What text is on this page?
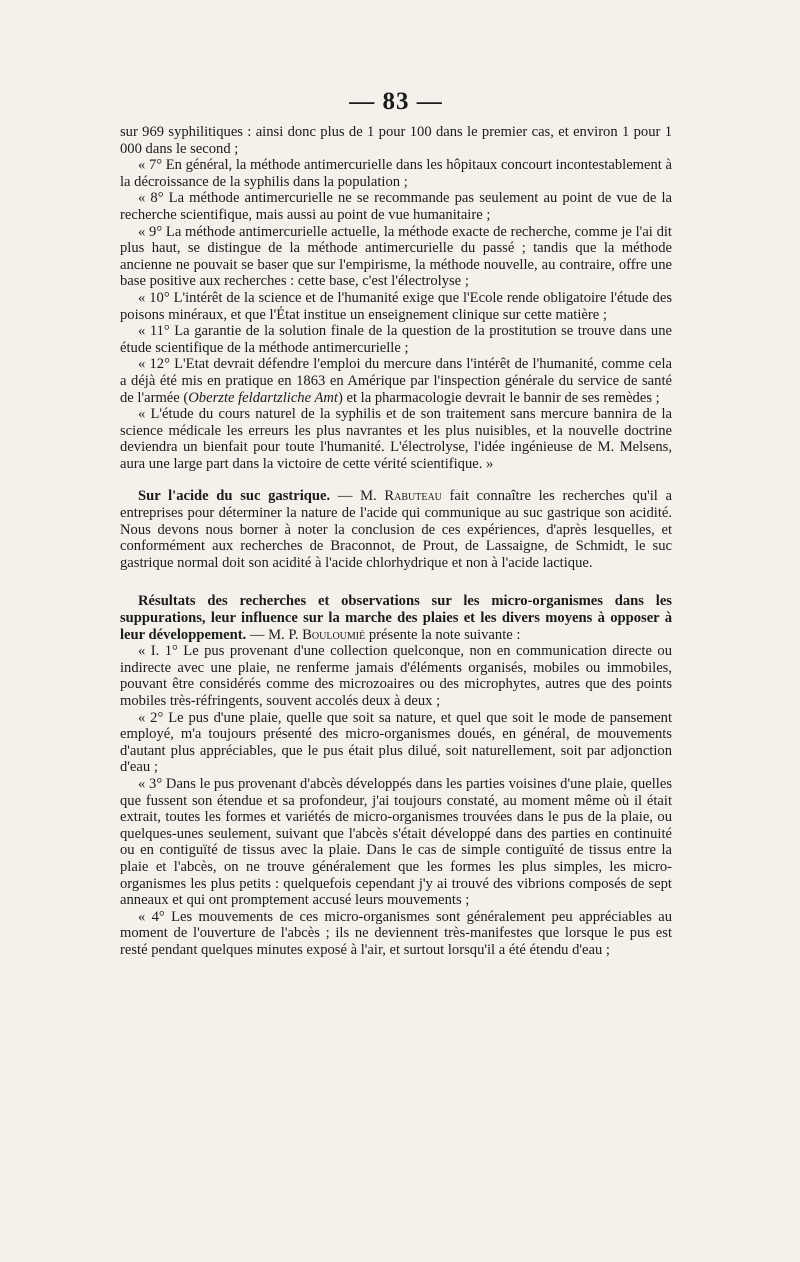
— 83 —

sur 969 syphilitiques : ainsi donc plus de 1 pour 100 dans le premier cas, et environ 1 pour 1 000 dans le second ;

« 7° En général, la méthode antimercurielle dans les hôpitaux concourt incontestablement à la décroissance de la syphilis dans la population ;

« 8° La méthode antimercurielle ne se recommande pas seulement au point de vue de la recherche scientifique, mais aussi au point de vue humanitaire ;

« 9° La méthode antimercurielle actuelle, la méthode exacte de recherche, comme je l'ai dit plus haut, se distingue de la méthode antimercurielle du passé ; tandis que la méthode ancienne ne pouvait se baser que sur l'empirisme, la méthode nouvelle, au contraire, offre une base positive aux recherches : cette base, c'est l'électrolyse ;

« 10° L'intérêt de la science et de l'humanité exige que l'Ecole rende obligatoire l'étude des poisons minéraux, et que l'État institue un enseignement clinique sur cette matière ;

« 11° La garantie de la solution finale de la question de la prostitution se trouve dans une étude scientifique de la méthode antimercurielle ;

« 12° L'Etat devrait défendre l'emploi du mercure dans l'intérêt de l'humanité, comme cela a déjà été mis en pratique en 1863 en Amérique par l'inspection générale du service de santé de l'armée (Oberzte feldartzliche Amt) et la pharmacologie devrait le bannir de ses remèdes ;

« L'étude du cours naturel de la syphilis et de son traitement sans mercure bannira de la science médicale les erreurs les plus navrantes et les plus nuisibles, et la nouvelle doctrine deviendra un bienfait pour toute l'humanité. L'électrolyse, l'idée ingénieuse de M. Melsens, aura une large part dans la victoire de cette vérité scientifique. »

Sur l'acide du suc gastrique. — M. Rabuteau fait connaître les recherches qu'il a entreprises pour déterminer la nature de l'acide qui communique au suc gastrique son acidité. Nous devons nous borner à noter la conclusion de ces expériences, d'après lesquelles, et conformément aux recherches de Braconnot, de Prout, de Lassaigne, de Schmidt, le suc gastrique normal doit son acidité à l'acide chlorhydrique et non à l'acide lactique.

Résultats des recherches et observations sur les micro-organismes dans les suppurations, leur influence sur la marche des plaies et les divers moyens à opposer à leur développement. — M. P. Bouloumié présente la note suivante :

« I. 1° Le pus provenant d'une collection quelconque, non en communication directe ou indirecte avec une plaie, ne renferme jamais d'éléments organisés, mobiles ou immobiles, pouvant être considérés comme des microzoaires ou des microphytes, autres que des points mobiles très-réfringents, souvent accolés deux à deux ;

« 2° Le pus d'une plaie, quelle que soit sa nature, et quel que soit le mode de pansement employé, m'a toujours présenté des micro-organismes doués, en général, de mouvements d'autant plus appréciables, que le pus était plus dilué, soit naturellement, soit par adjonction d'eau ;

« 3° Dans le pus provenant d'abcès développés dans les parties voisines d'une plaie, quelles que fussent son étendue et sa profondeur, j'ai toujours constaté, au moment même où il était extrait, toutes les formes et variétés de micro-organismes trouvées dans le pus de la plaie, ou quelques-unes seulement, suivant que l'abcès s'était développé dans des parties en continuité ou en contiguïté de tissus avec la plaie. Dans le cas de simple contiguïté de tissus entre la plaie et l'abcès, on ne trouve généralement que les formes les plus simples, les micro-organismes les plus petits : quelquefois cependant j'y ai trouvé des vibrions composés de sept anneaux et qui ont promptement accusé leurs mouvements ;

« 4° Les mouvements de ces micro-organismes sont généralement peu appréciables au moment de l'ouverture de l'abcès ; ils ne deviennent très-manifestes que lorsque le pus est resté pendant quelques minutes exposé à l'air, et surtout lorsqu'il a été étendu d'eau ;
